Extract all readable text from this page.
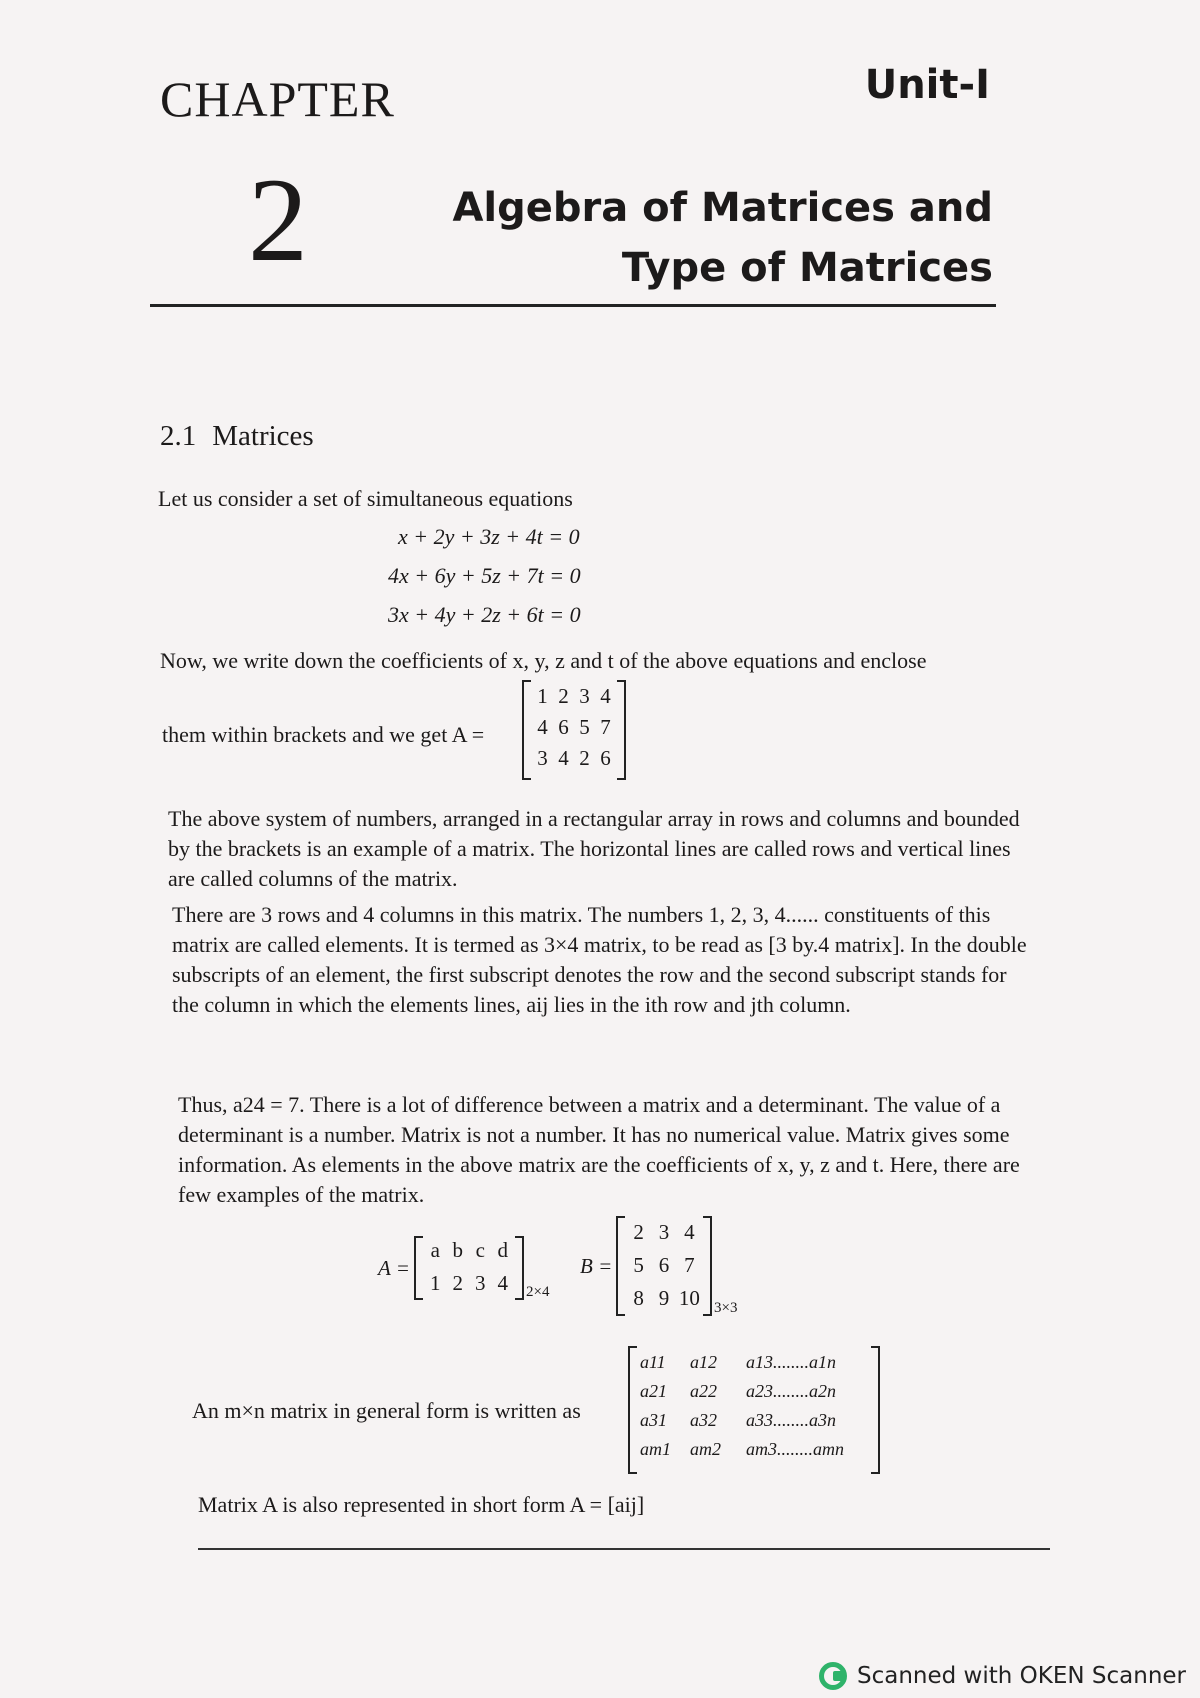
CHAPTER	Unit-I
2	Algebra of Matrices and
Type of Matrices
2.1 Matrices
Let us consider a set of simultaneous equations
x + 2y + 3z + 4t = 0
4x + 6y + 5z + 7t = 0
3x + 4y + 2z + 6t = 0
Now, we write down the coefficients of x, y, z and t of the above equations and enclose
them within brackets and we get A =
1 2 3 4
4 6 5 7
3 4 2 6
The above system of numbers, arranged in a rectangular array in rows and columns and bounded by the brackets is an example of a matrix. The horizontal lines are called rows and vertical lines are called columns of the matrix.
There are 3 rows and 4 columns in this matrix. The numbers 1, 2, 3, 4...... constituents of this matrix are called elements. It is termed as 3×4 matrix, to be read as [3 by.4 matrix]. In the double subscripts of an element, the first subscript denotes the row and the second subscript stands for the column in which the elements lines, aij lies in the ith row and jth column.
Thus, a24 = 7. There is a lot of difference between a matrix and a determinant. The value of a determinant is a number. Matrix is not a number. It has no numerical value. Matrix gives some information. As elements in the above matrix are the coefficients of x, y, z and t. Here, there are few examples of the matrix.
A =
a b c d
1 2 3 4	2×4
B =
2 3 4
5 6 7
8 9 10 3×3
An m×n matrix in general form is written as
a11	a12	a13........a1n
a21	a22	a23........a2n
a31	a32	a33........a3n
am1	am2	am3........amn
Matrix A is also represented in short form A = [aij]
Scanned with OKEN Scanner
